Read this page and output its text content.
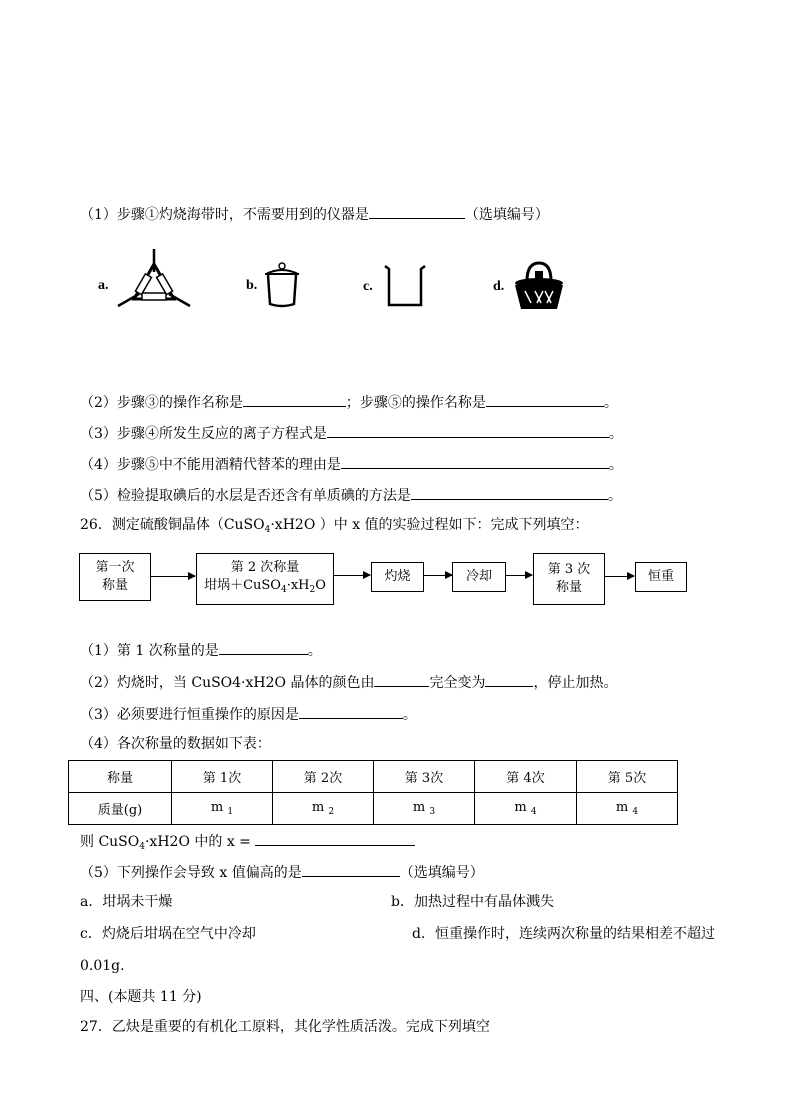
（1）步骤①灼烧海带时，不需要用到的仪器是	（选填编号）
a.	b.	c.	d.
（2）步骤③的操作名称是	；步骤⑤的操作名称是	。
（3）步骤④所发生反应的离子方程式是	。
（4）步骤⑤中不能用酒精代替苯的理由是	。
（5）检验提取碘后的水层是否还含有单质碘的方法是	。
26．测定硫酸铜晶体（CuSO$_4$·xH2O ）中 x 值的实验过程如下：完成下列填空：
第一次称量
第 2 次称量
坩埚$+CuSO_4\cdot xH_2O$
灼烧	冷却	第 3 次称量
恒重
（1）第 1 次称量的是	。
（2）灼烧时，当 CuSO4·xH2O 晶体的颜色由	完全变为	，停止加热。
（3）必须要进行恒重操作的原因是	。
（4）各次称量的数据如下表：
称量	第 1次	第 2次	第 3次	第 4次	第 5次
质量(g)	m $_1$	m $_2$	m $_3$	m $_4$	m $_4$
则 CuSO$_4$·xH2O 中的 x =
（5）下列操作会导致 x 值偏高的是	（选填编号）
a．坩埚未干燥	b．加热过程中有晶体溅失
c．灼烧后坩埚在空气中冷却	d．恒重操作时，连续两次称量的结果相差不超过
0.01g.
四、(本题共 11 分)
27．乙炔是重要的有机化工原料，其化学性质活泼。完成下列填空
